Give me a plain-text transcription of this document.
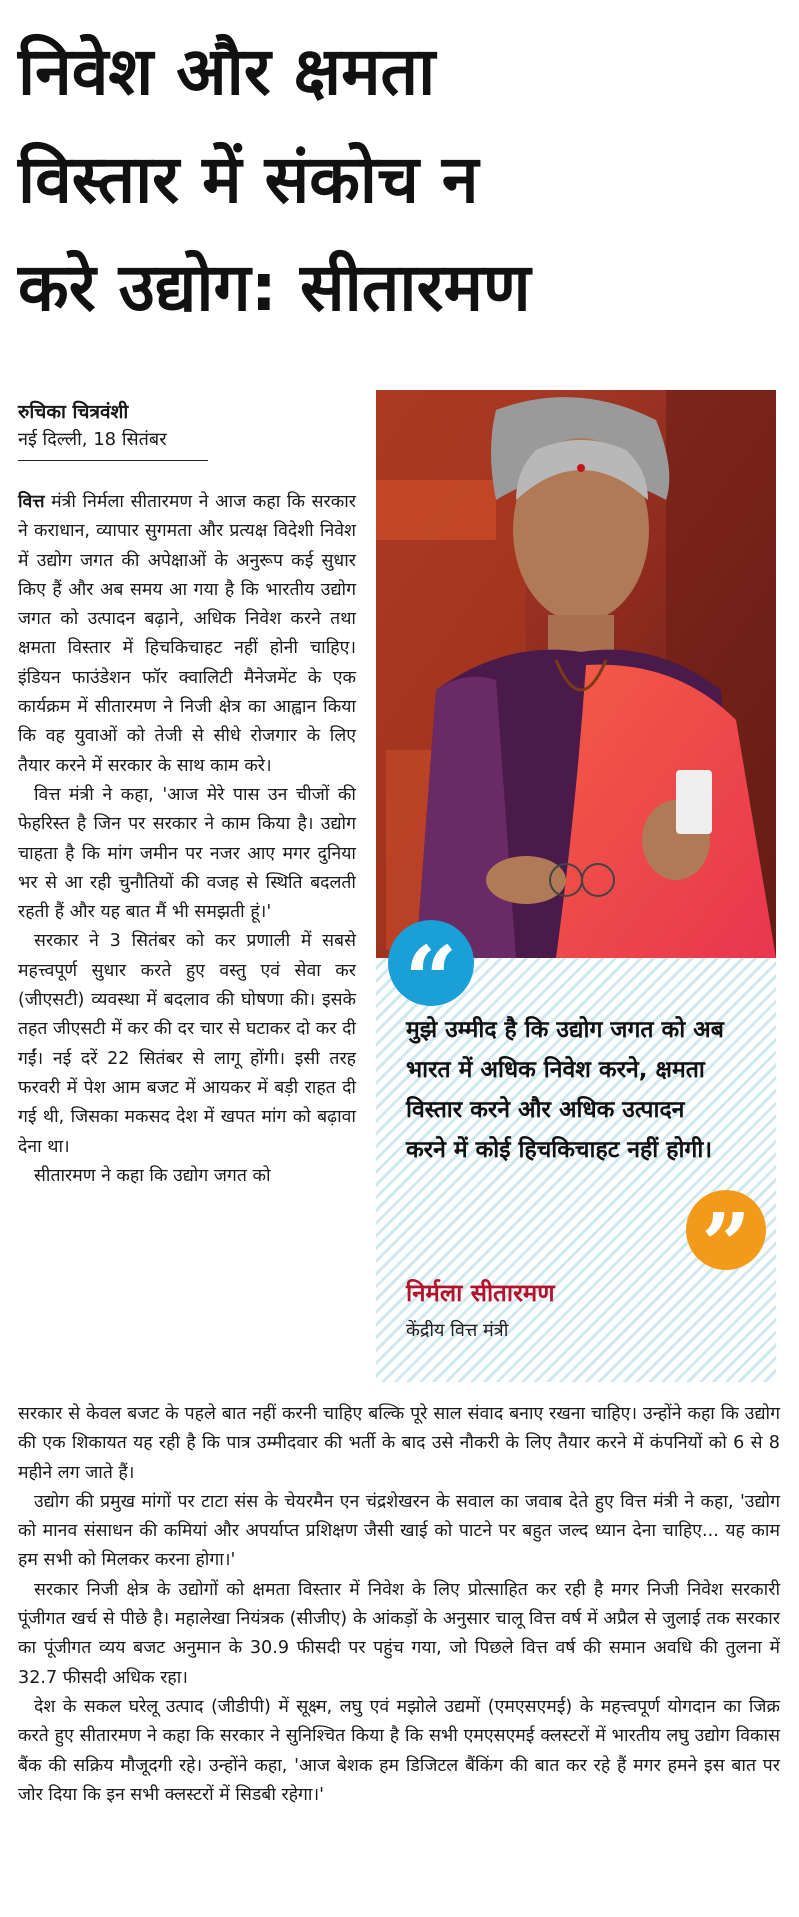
निवेश और क्षमता
विस्तार में संकोच न
करे उद्योग: सीतारमण
रुचिका चित्रवंशी
नई दिल्ली, 18 सितंबर

वित्त मंत्री निर्मला सीतारमण ने आज कहा कि सरकार ने कराधान, व्यापार सुगमता और प्रत्यक्ष विदेशी निवेश में उद्योग जगत की अपेक्षाओं के अनुरूप कई सुधार किए हैं और अब समय आ गया है कि भारतीय उद्योग जगत को उत्पादन बढ़ाने, अधिक निवेश करने तथा क्षमता विस्तार में हिचकिचाहट नहीं होनी चाहिए। इंडियन फाउंडेशन फॉर क्वालिटी मैनेजमेंट के एक कार्यक्रम में सीतारमण ने निजी क्षेत्र का आह्वान किया कि वह युवाओं को तेजी से सीधे रोजगार के लिए तैयार करने में सरकार के साथ काम करे।

वित्त मंत्री ने कहा, 'आज मेरे पास उन चीजों की फेहरिस्त है जिन पर सरकार ने काम किया है। उद्योग चाहता है कि मांग जमीन पर नजर आए मगर दुनिया भर से आ रही चुनौतियों की वजह से स्थिति बदलती रहती हैं और यह बात मैं भी समझती हूं।'

सरकार ने 3 सितंबर को कर प्रणाली में सबसे महत्त्वपूर्ण सुधार करते हुए वस्तु एवं सेवा कर (जीएसटी) व्यवस्था में बदलाव की घोषणा की। इसके तहत जीएसटी में कर की दर चार से घटाकर दो कर दी गईं। नई दरें 22 सितंबर से लागू होंगी। इसी तरह फरवरी में पेश आम बजट में आयकर में बड़ी राहत दी गई थी, जिसका मकसद देश में खपत मांग को बढ़ावा देना था।

सीतारमण ने कहा कि उद्योग जगत को

“
मुझे उम्मीद है कि उद्योग जगत को अब भारत में अधिक निवेश करने, क्षमता विस्तार करने और अधिक उत्पादन करने में कोई हिचकिचाहट नहीं होगी।
”
निर्मला सीतारमण
केंद्रीय वित्त मंत्री

सरकार से केवल बजट के पहले बात नहीं करनी चाहिए बल्कि पूरे साल संवाद बनाए रखना चाहिए। उन्होंने कहा कि उद्योग की एक शिकायत यह रही है कि पात्र उम्मीदवार की भर्ती के बाद उसे नौकरी के लिए तैयार करने में कंपनियों को 6 से 8 महीने लग जाते हैं।

उद्योग की प्रमुख मांगों पर टाटा संस के चेयरमैन एन चंद्रशेखरन के सवाल का जवाब देते हुए वित्त मंत्री ने कहा, 'उद्योग को मानव संसाधन की कमियां और अपर्याप्त प्रशिक्षण जैसी खाई को पाटने पर बहुत जल्द ध्यान देना चाहिए... यह काम हम सभी को मिलकर करना होगा।'

सरकार निजी क्षेत्र के उद्योगों को क्षमता विस्तार में निवेश के लिए प्रोत्साहित कर रही है मगर निजी निवेश सरकारी पूंजीगत खर्च से पीछे है। महालेखा नियंत्रक (सीजीए) के आंकड़ों के अनुसार चालू वित्त वर्ष में अप्रैल से जुलाई तक सरकार का पूंजीगत व्यय बजट अनुमान के 30.9 फीसदी पर पहुंच गया, जो पिछले वित्त वर्ष की समान अवधि की तुलना में 32.7 फीसदी अधिक रहा।

देश के सकल घरेलू उत्पाद (जीडीपी) में सूक्ष्म, लघु एवं मझोले उद्यमों (एमएसएमई) के महत्त्वपूर्ण योगदान का जिक्र करते हुए सीतारमण ने कहा कि सरकार ने सुनिश्चित किया है कि सभी एमएसएमई क्लस्टरों में भारतीय लघु उद्योग विकास बैंक की सक्रिय मौजूदगी रहे। उन्होंने कहा, 'आज बेशक हम डिजिटल बैंकिंग की बात कर रहे हैं मगर हमने इस बात पर जोर दिया कि इन सभी क्लस्टरों में सिडबी रहेगा।'
